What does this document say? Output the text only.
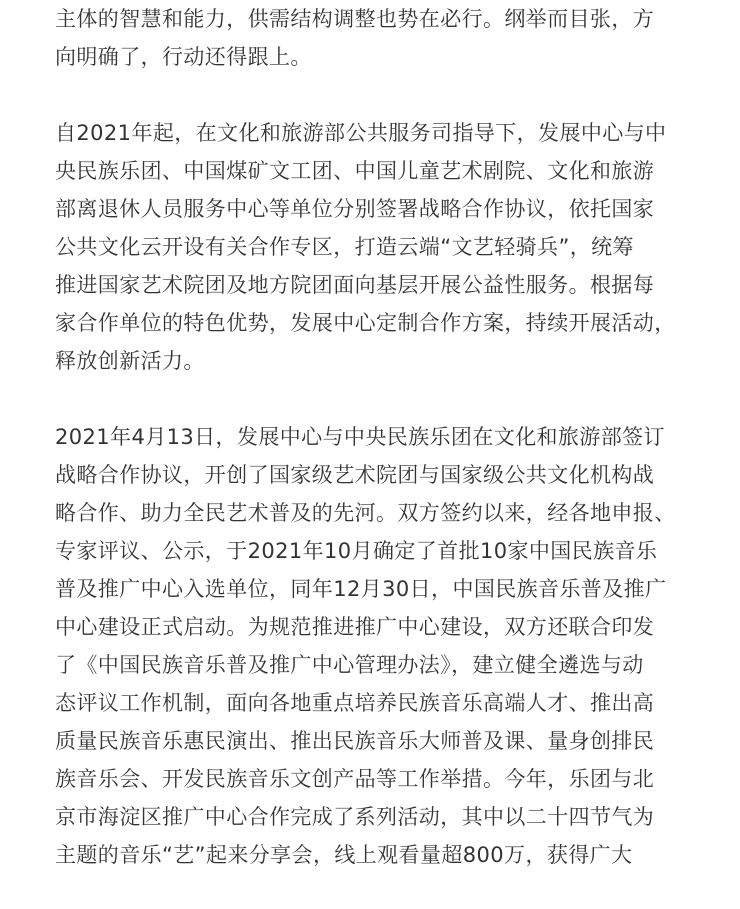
主体的智慧和能力，供需结构调整也势在必行。纲举而目张，方
向明确了，行动还得跟上。

自2021年起，在文化和旅游部公共服务司指导下，发展中心与中
央民族乐团、中国煤矿文工团、中国儿童艺术剧院、文化和旅游
部离退休人员服务中心等单位分别签署战略合作协议，依托国家
公共文化云开设有关合作专区，打造云端“文艺轻骑兵”，统筹
推进国家艺术院团及地方院团面向基层开展公益性服务。根据每
家合作单位的特色优势，发展中心定制合作方案，持续开展活动，
释放创新活力。

2021年4月13日，发展中心与中央民族乐团在文化和旅游部签订
战略合作协议，开创了国家级艺术院团与国家级公共文化机构战
略合作、助力全民艺术普及的先河。双方签约以来，经各地申报、
专家评议、公示，于2021年10月确定了首批10家中国民族音乐
普及推广中心入选单位，同年12月30日，中国民族音乐普及推广
中心建设正式启动。为规范推进推广中心建设，双方还联合印发
了《中国民族音乐普及推广中心管理办法》，建立健全遴选与动
态评议工作机制，面向各地重点培养民族音乐高端人才、推出高
质量民族音乐惠民演出、推出民族音乐大师普及课、量身创排民
族音乐会、开发民族音乐文创产品等工作举措。今年，乐团与北
京市海淀区推广中心合作完成了系列活动，其中以二十四节气为
主题的音乐“艺”起来分享会，线上观看量超800万，获得广大
